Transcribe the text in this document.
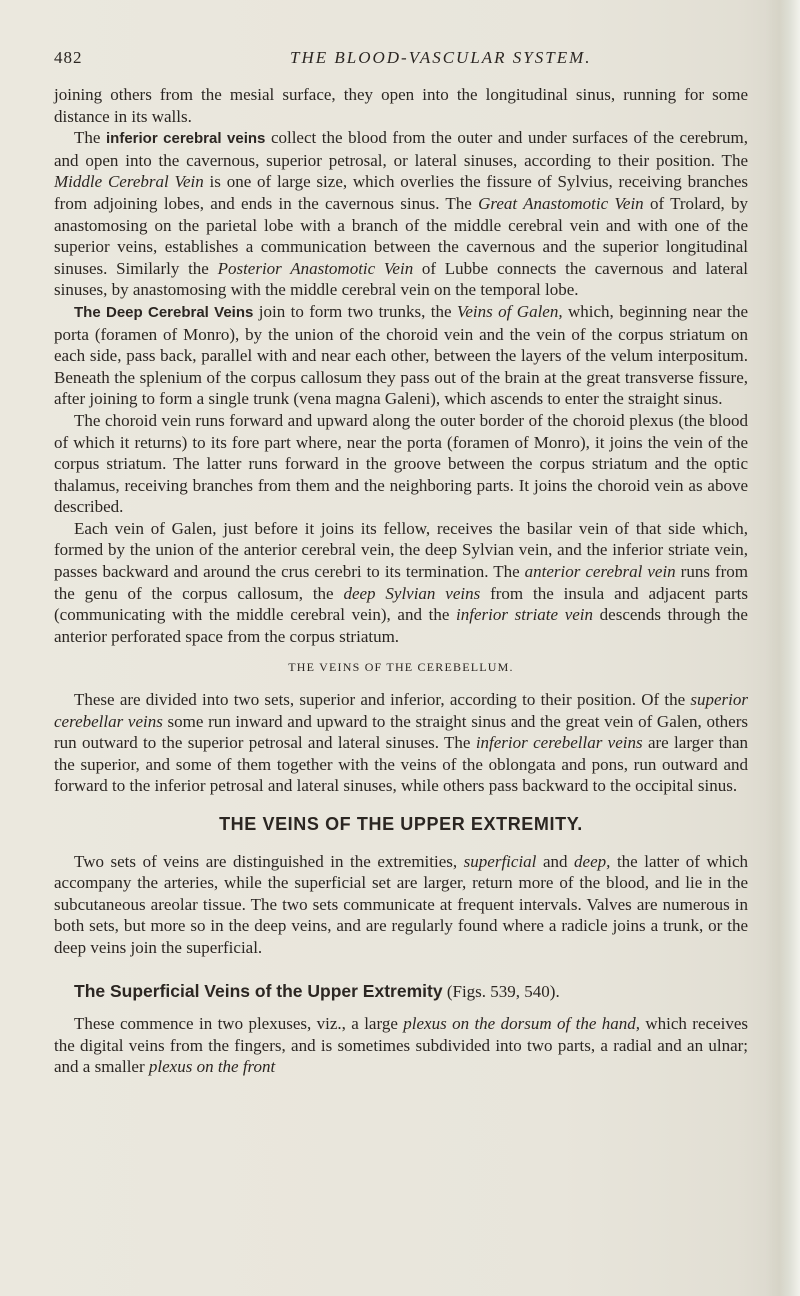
482	THE BLOOD-VASCULAR SYSTEM.

joining others from the mesial surface, they open into the longitudinal sinus, running for some distance in its walls.

The inferior cerebral veins collect the blood from the outer and under surfaces of the cerebrum, and open into the cavernous, superior petrosal, or lateral sinuses, according to their position. The Middle Cerebral Vein is one of large size, which overlies the fissure of Sylvius, receiving branches from adjoining lobes, and ends in the cavernous sinus. The Great Anastomotic Vein of Trolard, by anastomosing on the parietal lobe with a branch of the middle cerebral vein and with one of the superior veins, establishes a communication between the cavernous and the superior longitudinal sinuses. Similarly the Posterior Anastomotic Vein of Lubbe connects the cavernous and lateral sinuses, by anastomosing with the middle cerebral vein on the temporal lobe.

The Deep Cerebral Veins join to form two trunks, the Veins of Galen, which, beginning near the porta (foramen of Monro), by the union of the choroid vein and the vein of the corpus striatum on each side, pass back, parallel with and near each other, between the layers of the velum interpositum. Beneath the splenium of the corpus callosum they pass out of the brain at the great transverse fissure, after joining to form a single trunk (vena magna Galeni), which ascends to enter the straight sinus.

The choroid vein runs forward and upward along the outer border of the choroid plexus (the blood of which it returns) to its fore part where, near the porta (foramen of Monro), it joins the vein of the corpus striatum. The latter runs forward in the groove between the corpus striatum and the optic thalamus, receiving branches from them and the neighboring parts. It joins the choroid vein as above described.

Each vein of Galen, just before it joins its fellow, receives the basilar vein of that side which, formed by the union of the anterior cerebral vein, the deep Sylvian vein, and the inferior striate vein, passes backward and around the crus cerebri to its termination. The anterior cerebral vein runs from the genu of the corpus callosum, the deep Sylvian veins from the insula and adjacent parts (communicating with the middle cerebral vein), and the inferior striate vein descends through the anterior perforated space from the corpus striatum.

THE VEINS OF THE CEREBELLUM.

These are divided into two sets, superior and inferior, according to their position. Of the superior cerebellar veins some run inward and upward to the straight sinus and the great vein of Galen, others run outward to the superior petrosal and lateral sinuses. The inferior cerebellar veins are larger than the superior, and some of them together with the veins of the oblongata and pons, run outward and forward to the inferior petrosal and lateral sinuses, while others pass backward to the occipital sinus.

THE VEINS OF THE UPPER EXTREMITY.

Two sets of veins are distinguished in the extremities, superficial and deep, the latter of which accompany the arteries, while the superficial set are larger, return more of the blood, and lie in the subcutaneous areolar tissue. The two sets communicate at frequent intervals. Valves are numerous in both sets, but more so in the deep veins, and are regularly found where a radicle joins a trunk, or the deep veins join the superficial.

The Superficial Veins of the Upper Extremity (Figs. 539, 540).

These commence in two plexuses, viz., a large plexus on the dorsum of the hand, which receives the digital veins from the fingers, and is sometimes subdivided into two parts, a radial and an ulnar; and a smaller plexus on the front
